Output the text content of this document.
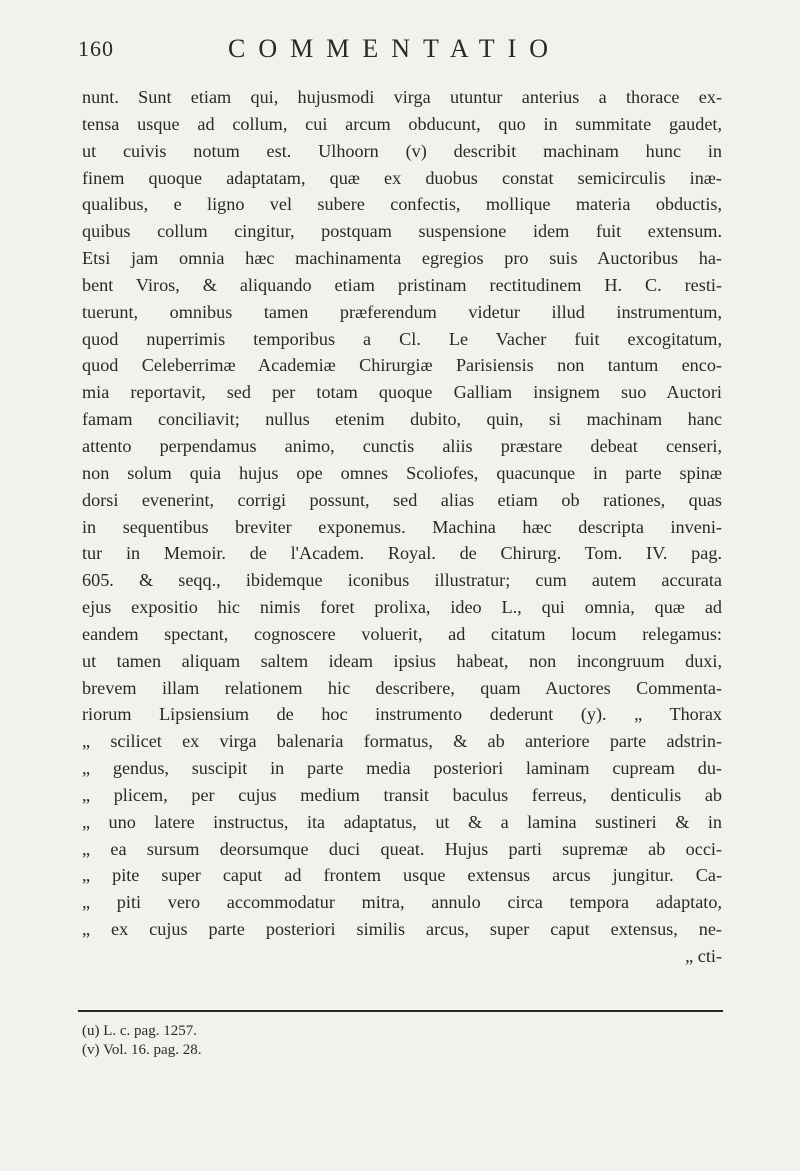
160	COMMENTATIO
nunt. Sunt etiam qui, hujusmodi virga utuntur anterius a thorace ex-
tensa usque ad collum, cui arcum obducunt, quo in summitate gaudet,
ut cuivis notum est. Ulhoorn (v) describit machinam hunc in
finem quoque adaptatam, quæ ex duobus constat semicirculis inæ-
qualibus, e ligno vel subere confectis, mollique materia obductis,
quibus collum cingitur, postquam suspensione idem fuit extensum.
Etsi jam omnia hæc machinamenta egregios pro suis Auctoribus ha-
bent Viros, & aliquando etiam pristinam rectitudinem H. C. resti-
tuerunt, omnibus tamen præferendum videtur illud instrumentum,
quod nuperrimis temporibus a Cl. Le Vacher fuit excogitatum,
quod Celeberrimæ Academiæ Chirurgiæ Parisiensis non tantum enco-
mia reportavit, sed per totam quoque Galliam insignem suo Auctori
famam conciliavit; nullus etenim dubito, quin, si machinam hanc
attento perpendamus animo, cunctis aliis præstare debeat censeri,
non solum quia hujus ope omnes Scoliofes, quacunque in parte spinæ
dorsi evenerint, corrigi possunt, sed alias etiam ob rationes, quas
in sequentibus breviter exponemus. Machina hæc descripta inveni-
tur in Memoir. de l'Academ. Royal. de Chirurg. Tom. IV. pag.
605. & seqq., ibidemque iconibus illustratur; cum autem accurata
ejus expositio hic nimis foret prolixa, ideo L., qui omnia, quæ ad
eandem spectant, cognoscere voluerit, ad citatum locum relegamus:
ut tamen aliquam saltem ideam ipsius habeat, non incongruum duxi,
brevem illam relationem hic describere, quam Auctores Commenta-
riorum Lipsiensium de hoc instrumento dederunt (y). „ Thorax
„ scilicet ex virga balenaria formatus, & ab anteriore parte adstrin-
„ gendus, suscipit in parte media posteriori laminam cupream du-
„ plicem, per cujus medium transit baculus ferreus, denticulis ab
„ uno latere instructus, ita adaptatus, ut & a lamina sustineri & in
„ ea sursum deorsumque duci queat. Hujus parti supremæ ab occi-
„ pite super caput ad frontem usque extensus arcus jungitur. Ca-
„ piti vero accommodatur mitra, annulo circa tempora adaptato,
„ ex cujus parte posteriori similis arcus, super caput extensus, ne-
„ cti-
(u) L. c. pag. 1257.
(v) Vol. 16. pag. 28.
